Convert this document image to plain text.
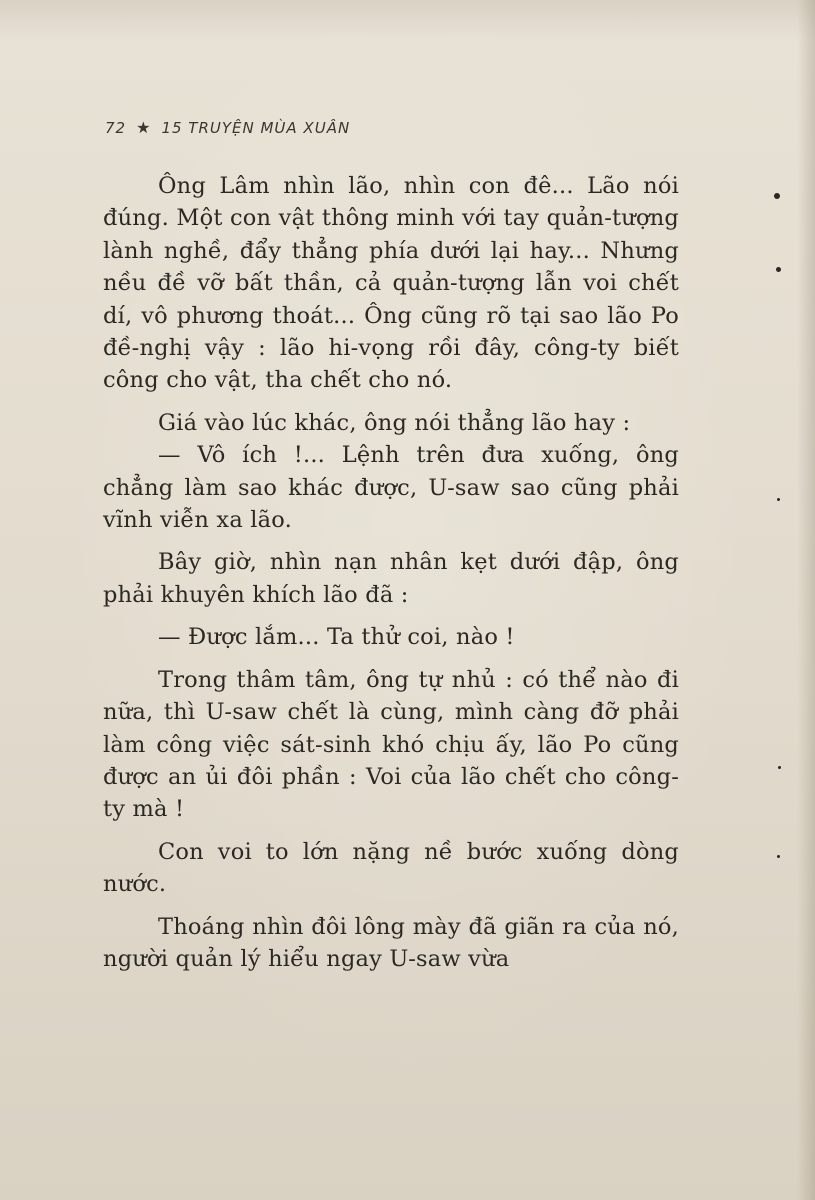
72 ★ 15 TRUYỆN MÙA XUÂN

Ông Lâm nhìn lão, nhìn con đê... Lão nói đúng. Một con vật thông minh với tay quản-tượng lành nghề, đẩy thẳng phía dưới lại hay... Nhưng nều đề vỡ bất thần, cả quản-tượng lẫn voi chết dí, vô phương thoát... Ông cũng rõ tại sao lão Po đề-nghị vậy : lão hi-vọng rồi đây, công-ty biết công cho vật, tha chết cho nó.

Giá vào lúc khác, ông nói thẳng lão hay :

— Vô ích !... Lệnh trên đưa xuống, ông chẳng làm sao khác được, U-saw sao cũng phải vĩnh viễn xa lão.

Bây giờ, nhìn nạn nhân kẹt dưới đập, ông phải khuyên khích lão đã :

— Được lắm... Ta thử coi, nào !

Trong thâm tâm, ông tự nhủ : có thể nào đi nữa, thì U-saw chết là cùng, mình càng đỡ phải làm công việc sát-sinh khó chịu ấy, lão Po cũng được an ủi đôi phần : Voi của lão chết cho công-ty mà !

Con voi to lớn nặng nề bước xuống dòng nước.

Thoáng nhìn đôi lông mày đã giãn ra của nó, người quản lý hiểu ngay U-saw vừa
